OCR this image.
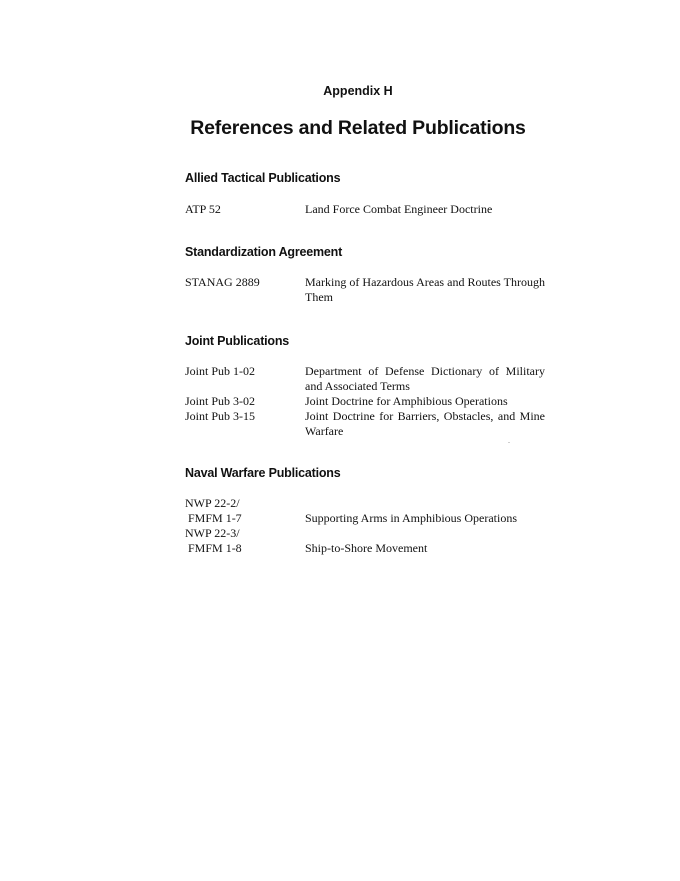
Appendix H
References and Related Publications
Allied Tactical Publications
ATP 52	Land Force Combat Engineer Doctrine
Standardization Agreement
STANAG 2889	Marking of Hazardous Areas and Routes Through Them
Joint Publications
Joint Pub 1-02	Department of Defense Dictionary of Military and Associated Terms
Joint Pub 3-02	Joint Doctrine for Amphibious Operations
Joint Pub 3-15	Joint Doctrine for Barriers, Obstacles, and Mine Warfare
Naval Warfare Publications
NWP 22-2/
FMFM 1-7	Supporting Arms in Amphibious Operations
NWP 22-3/
FMFM 1-8	Ship-to-Shore Movement
